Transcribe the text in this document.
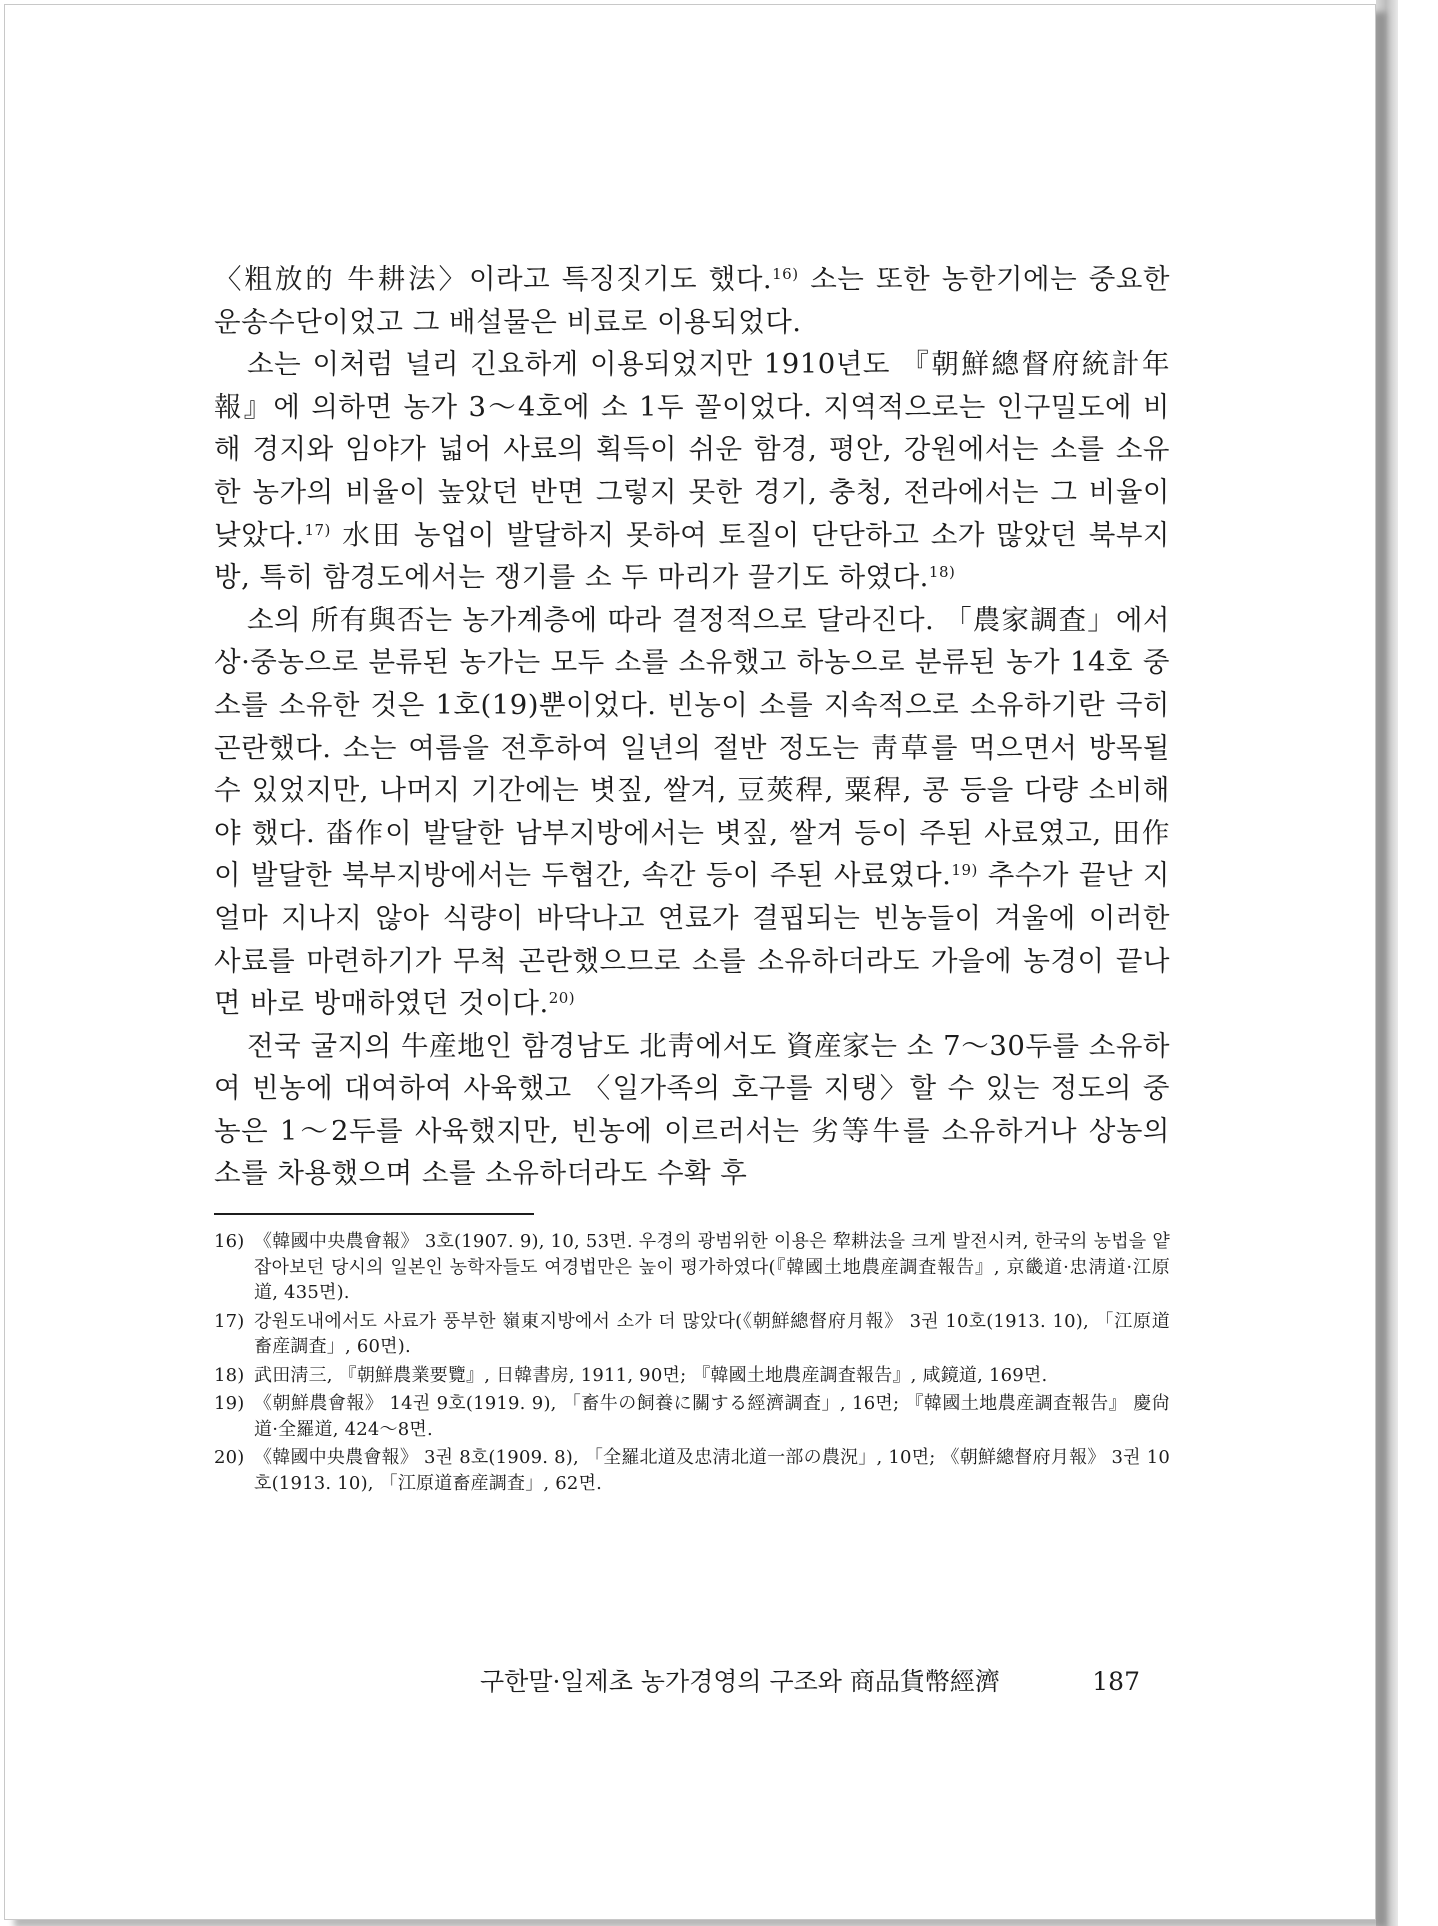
〈粗放的 牛耕法〉이라고 특징짓기도 했다.$^{16)}$ 소는 또한 농한기에는 중요한 운송수단이었고 그 배설물은 비료로 이용되었다.

소는 이처럼 널리 긴요하게 이용되었지만 1910년도 『朝鮮總督府統計年報』에 의하면 농가 3～4호에 소 1두 꼴이었다. 지역적으로는 인구밀도에 비해 경지와 임야가 넓어 사료의 획득이 쉬운 함경, 평안, 강원에서는 소를 소유한 농가의 비율이 높았던 반면 그렇지 못한 경기, 충청, 전라에서는 그 비율이 낮았다.$^{17)}$ 水田 농업이 발달하지 못하여 토질이 단단하고 소가 많았던 북부지방, 특히 함경도에서는 쟁기를 소 두 마리가 끌기도 하였다.$^{18)}$

소의 所有與否는 농가계층에 따라 결정적으로 달라진다. 「農家調査」에서 상·중농으로 분류된 농가는 모두 소를 소유했고 하농으로 분류된 농가 14호 중 소를 소유한 것은 1호(19)뿐이었다. 빈농이 소를 지속적으로 소유하기란 극히 곤란했다. 소는 여름을 전후하여 일년의 절반 정도는 靑草를 먹으면서 방목될 수 있었지만, 나머지 기간에는 볏짚, 쌀겨, 豆莢稈, 粟稈, 콩 등을 다량 소비해야 했다. 畓作이 발달한 남부지방에서는 볏짚, 쌀겨 등이 주된 사료였고, 田作이 발달한 북부지방에서는 두협간, 속간 등이 주된 사료였다.$^{19)}$ 추수가 끝난 지 얼마 지나지 않아 식량이 바닥나고 연료가 결핍되는 빈농들이 겨울에 이러한 사료를 마련하기가 무척 곤란했으므로 소를 소유하더라도 가을에 농경이 끝나면 바로 방매하였던 것이다.$^{20)}$

전국 굴지의 牛産地인 함경남도 北靑에서도 資産家는 소 7～30두를 소유하여 빈농에 대여하여 사육했고 〈일가족의 호구를 지탱〉할 수 있는 정도의 중농은 1～2두를 사육했지만, 빈농에 이르러서는 劣等牛를 소유하거나 상농의 소를 차용했으며 소를 소유하더라도 수확 후

16) 《韓國中央農會報》 3호(1907. 9), 10, 53면. 우경의 광범위한 이용은 犂耕法을 크게 발전시켜, 한국의 농법을 얕잡아보던 당시의 일본인 농학자들도 여경법만은 높이 평가하였다(『韓國土地農産調査報告』, 京畿道·忠淸道·江原道, 435면).
17) 강원도내에서도 사료가 풍부한 嶺東지방에서 소가 더 많았다(《朝鮮總督府月報》 3권 10호(1913. 10), 「江原道畜産調査」, 60면).
18) 武田淸三, 『朝鮮農業要覽』, 日韓書房, 1911, 90면; 『韓國土地農産調査報告』, 咸鏡道, 169면.
19) 《朝鮮農會報》 14권 9호(1919. 9), 「畜牛の飼養に關する經濟調査」, 16면; 『韓國土地農産調査報告』 慶尙道·全羅道, 424～8면.
20) 《韓國中央農會報》 3권 8호(1909. 8), 「全羅北道及忠淸北道一部の農況」, 10면; 《朝鮮總督府月報》 3권 10호(1913. 10), 「江原道畜産調査」, 62면.
구한말·일제초 농가경영의 구조와 商品貨幣經濟	187
